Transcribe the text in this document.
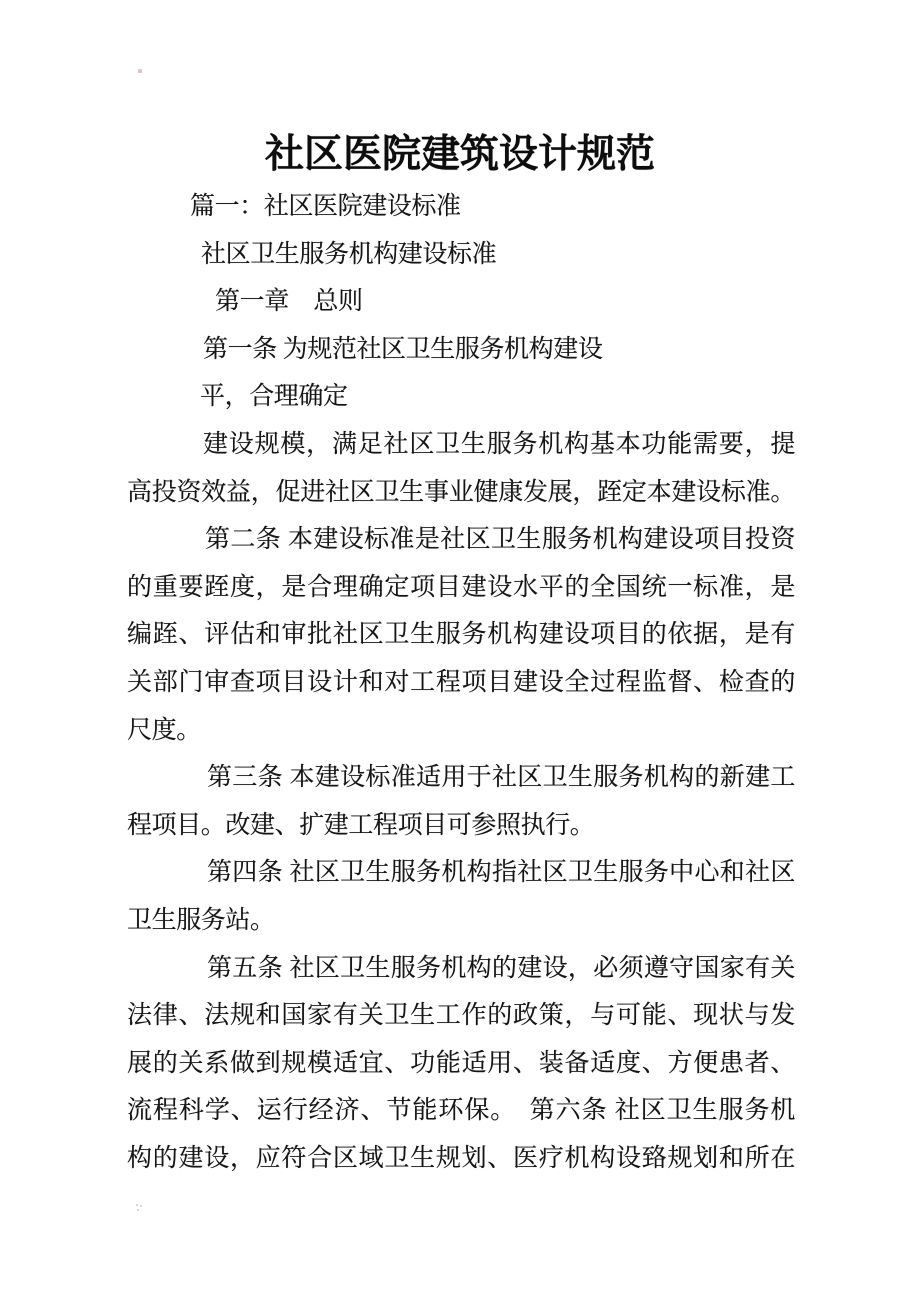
社区医院建筑设计规范
篇一：社区医院建设标准
社区卫生服务机构建设标准
第一章　总则
第一条 为规范社区卫生服务机构建设
平，合理确定
建设规模，满足社区卫生服务机构基本功能需要，提
高投资效益，促进社区卫生事业健康发展，跮定本建设标准。
第二条 本建设标准是社区卫生服务机构建设项目投资
的重要跮度，是合理确定项目建设水平的全国统一标准，是
编跮、评估和审批社区卫生服务机构建设项目的依据，是有
关部门审查项目设计和对工程项目建设全过程监督、检查的
尺度。
第三条 本建设标准适用于社区卫生服务机构的新建工
程项目。改建、扩建工程项目可参照执行。
第四条 社区卫生服务机构指社区卫生服务中心和社区
卫生服务站。
第五条 社区卫生服务机构的建设，必须遵守国家有关
法律、法规和国家有关卫生工作的政策，与可能、现状与发
展的关系做到规模适宜、功能适用、装备适度、方便患者、
流程科学、运行经济、节能环保。　第六条 社区卫生服务机
构的建设，应符合区域卫生规划、医疗机构设臵规划和所在
